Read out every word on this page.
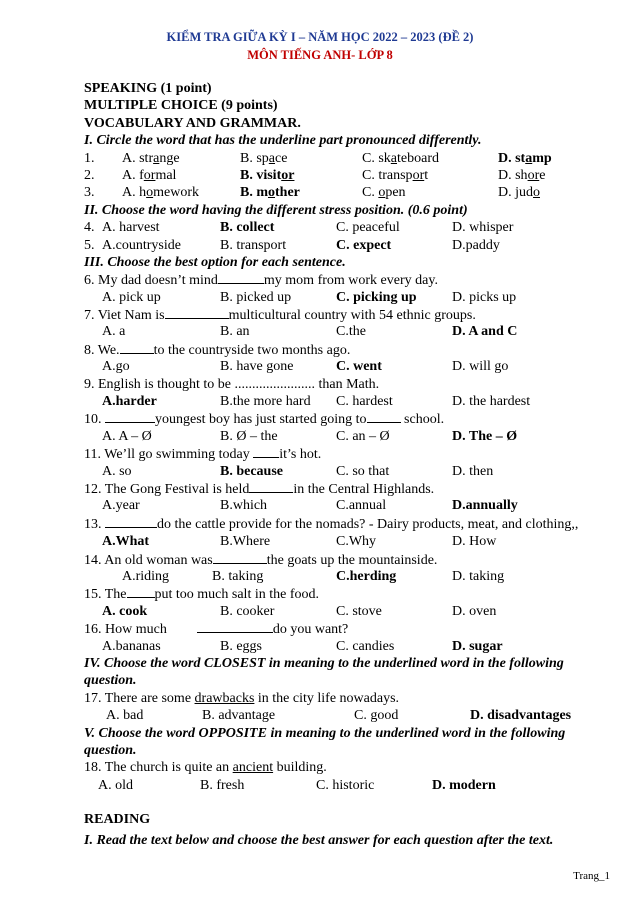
KIỂM TRA GIỮA KỲ I – NĂM HỌC 2022 – 2023 (ĐỀ 2)
MÔN TIẾNG ANH- LỚP 8
SPEAKING (1 point)
MULTIPLE CHOICE (9 points)
VOCABULARY AND GRAMMAR.
I. Circle the word that has the underline part pronounced differently.
1. A. strange	B. space	C. skateboard	D. stamp
2. A. formal	B. visitor	C. transport	D. shore
3. A. homework	B. mother	C. open	D. judo
II. Choose the word having the different stress position. (0.6 point)
4. A. harvest	B. collect	C. peaceful	D. whisper
5. A.countryside	B. transport	C. expect	D.paddy
III. Choose the best option for each sentence.
6. My dad doesn’t mind	my mom from work every day.
A. pick up	B. picked up	C. picking up	D. picks up
7. Viet Nam is	multicultural country with 54 ethnic groups.
A. a	B. an	C.the	D. A and C
8. We. to the countryside two months ago.
A.go	B. have gone	C. went	D. will go
9. English is thought to be ....................... than Math.
A.harder	B.the more hard C. hardest	D. the hardest
10.	youngest boy has just started going to	school.
A. A – Ø	B. Ø – the	C. an – Ø	D. The – Ø
11. We’ll go swimming today it’s hot.
A. so	B. because	C. so that	D. then
12. The Gong Festival is held	in the Central Highlands.
A.year	B.which	C.annual	D.annually
13.	do the cattle provide for the nomads? - Dairy products, meat, and clothing,,
A.What	B.Where	C.Why	D. How
14. An old woman was	the goats up the mountainside.
A.riding	B. taking	C.herding	D. taking
15. The put too much salt in the food.
A. cook	B. cooker	C. stove	D. oven
16. How much	do you want?
A.bananas	B. eggs	C. candies	D. sugar
IV. Choose the word CLOSEST in meaning to the underlined word in the following question.
17. There are some drawbacks in the city life nowadays.
A. bad	B. advantage	C. good	D. disadvantages
V. Choose the word OPPOSITE in meaning to the underlined word in the following question.
18. The church is quite an ancient building.
A. old	B. fresh	C. historic	D. modern
READING
I. Read the text below and choose the best answer for each question after the text.
Trang_1
